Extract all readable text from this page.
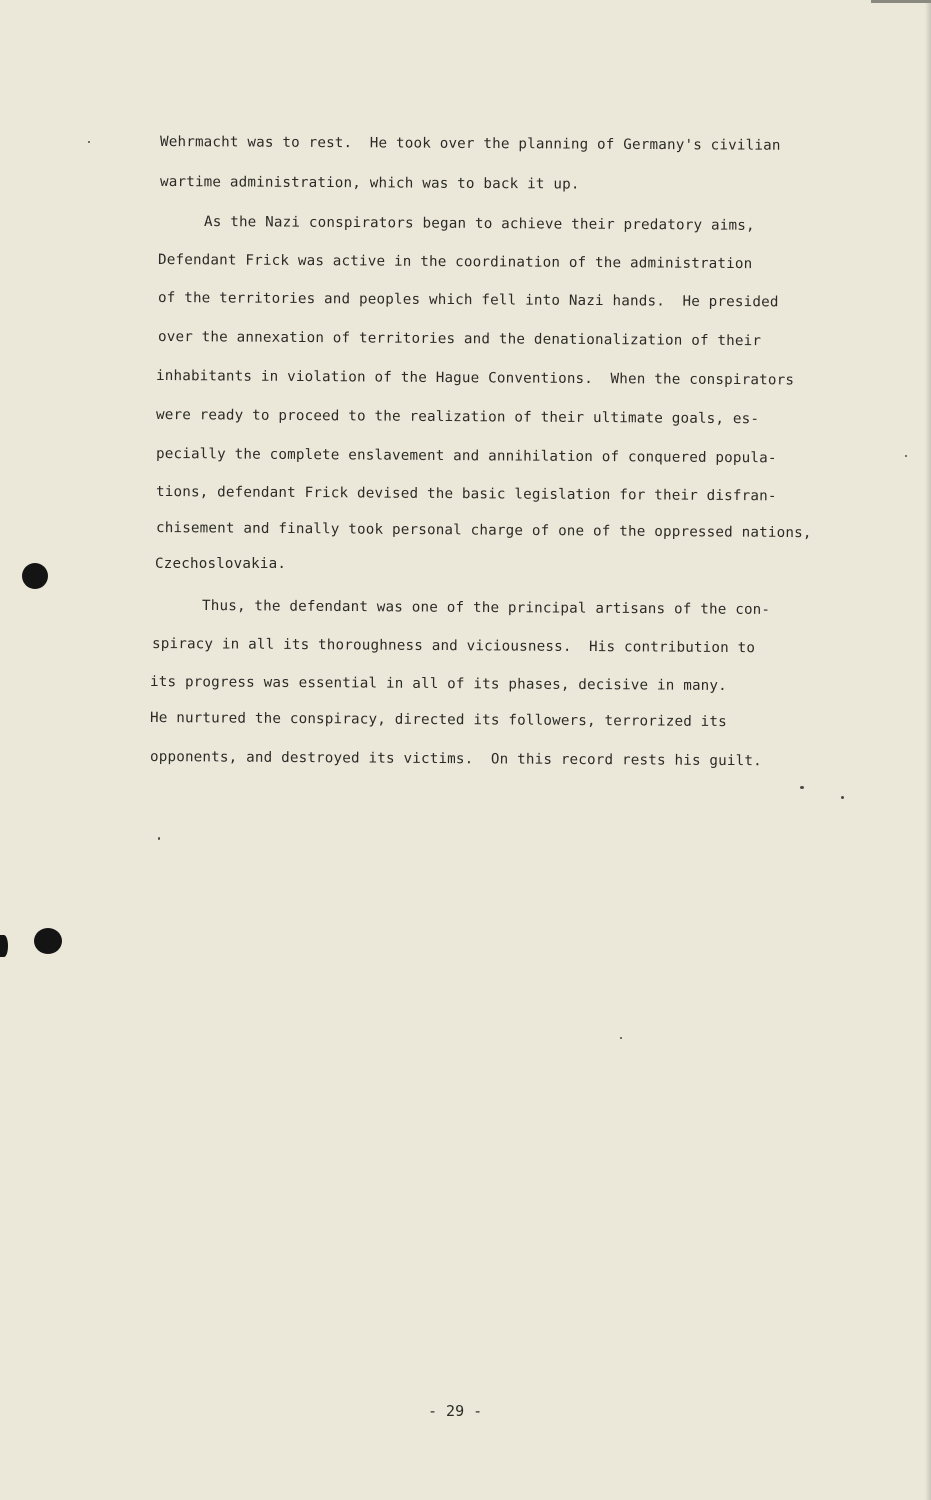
Wehrmacht was to rest.  He took over the planning of Germany's civilian

wartime administration, which was to back it up.

As the Nazi conspirators began to achieve their predatory aims,

Defendant Frick was active in the coordination of the administration

of the territories and peoples which fell into Nazi hands.  He presided

over the annexation of territories and the denationalization of their

inhabitants in violation of the Hague Conventions.  When the conspirators

were ready to proceed to the realization of their ultimate goals, es-

pecially the complete enslavement and annihilation of conquered popula-

tions, defendant Frick devised the basic legislation for their disfran-

chisement and finally took personal charge of one of the oppressed nations,

Czechoslovakia.

Thus, the defendant was one of the principal artisans of the con-

spiracy in all its thoroughness and viciousness.  His contribution to

its progress was essential in all of its phases, decisive in many.

He nurtured the conspiracy, directed its followers, terrorized its

opponents, and destroyed its victims.  On this record rests his guilt.

- 29 -
